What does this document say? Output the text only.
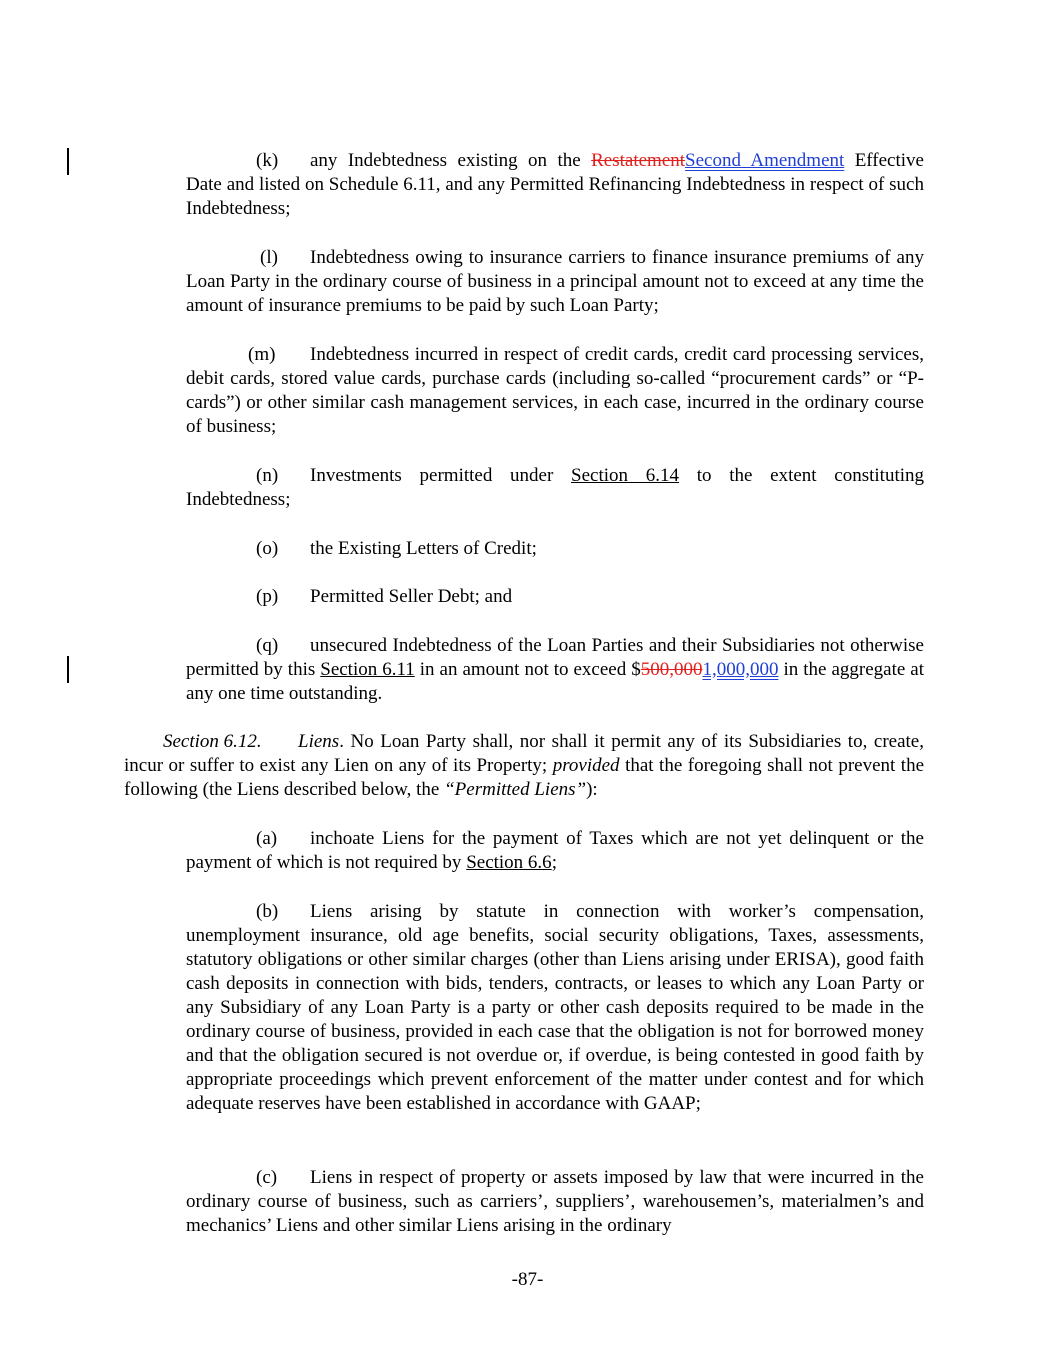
(k) any Indebtedness existing on the RestatementSecond Amendment Effective Date and listed on Schedule 6.11, and any Permitted Refinancing Indebtedness in respect of such Indebtedness;

(l) Indebtedness owing to insurance carriers to finance insurance premiums of any Loan Party in the ordinary course of business in a principal amount not to exceed at any time the amount of insurance premiums to be paid by such Loan Party;

(m) Indebtedness incurred in respect of credit cards, credit card processing services, debit cards, stored value cards, purchase cards (including so-called “procurement cards” or “P-cards”) or other similar cash management services, in each case, incurred in the ordinary course of business;

(n) Investments permitted under Section 6.14 to the extent constituting Indebtedness;

(o) the Existing Letters of Credit;

(p) Permitted Seller Debt; and

(q) unsecured Indebtedness of the Loan Parties and their Subsidiaries not otherwise permitted by this Section 6.11 in an amount not to exceed $500,0001,000,000 in the aggregate at any one time outstanding.

Section 6.12. Liens. No Loan Party shall, nor shall it permit any of its Subsidiaries to, create, incur or suffer to exist any Lien on any of its Property; provided that the foregoing shall not prevent the following (the Liens described below, the “Permitted Liens”):

(a) inchoate Liens for the payment of Taxes which are not yet delinquent or the payment of which is not required by Section 6.6;

(b) Liens arising by statute in connection with worker’s compensation, unemployment insurance, old age benefits, social security obligations, Taxes, assessments, statutory obligations or other similar charges (other than Liens arising under ERISA), good faith cash deposits in connection with bids, tenders, contracts, or leases to which any Loan Party or any Subsidiary of any Loan Party is a party or other cash deposits required to be made in the ordinary course of business, provided in each case that the obligation is not for borrowed money and that the obligation secured is not overdue or, if overdue, is being contested in good faith by appropriate proceedings which prevent enforcement of the matter under contest and for which adequate reserves have been established in accordance with GAAP;

(c) Liens in respect of property or assets imposed by law that were incurred in the ordinary course of business, such as carriers’, suppliers’, warehousemen’s, materialmen’s and mechanics’ Liens and other similar Liens arising in the ordinary

-87-
